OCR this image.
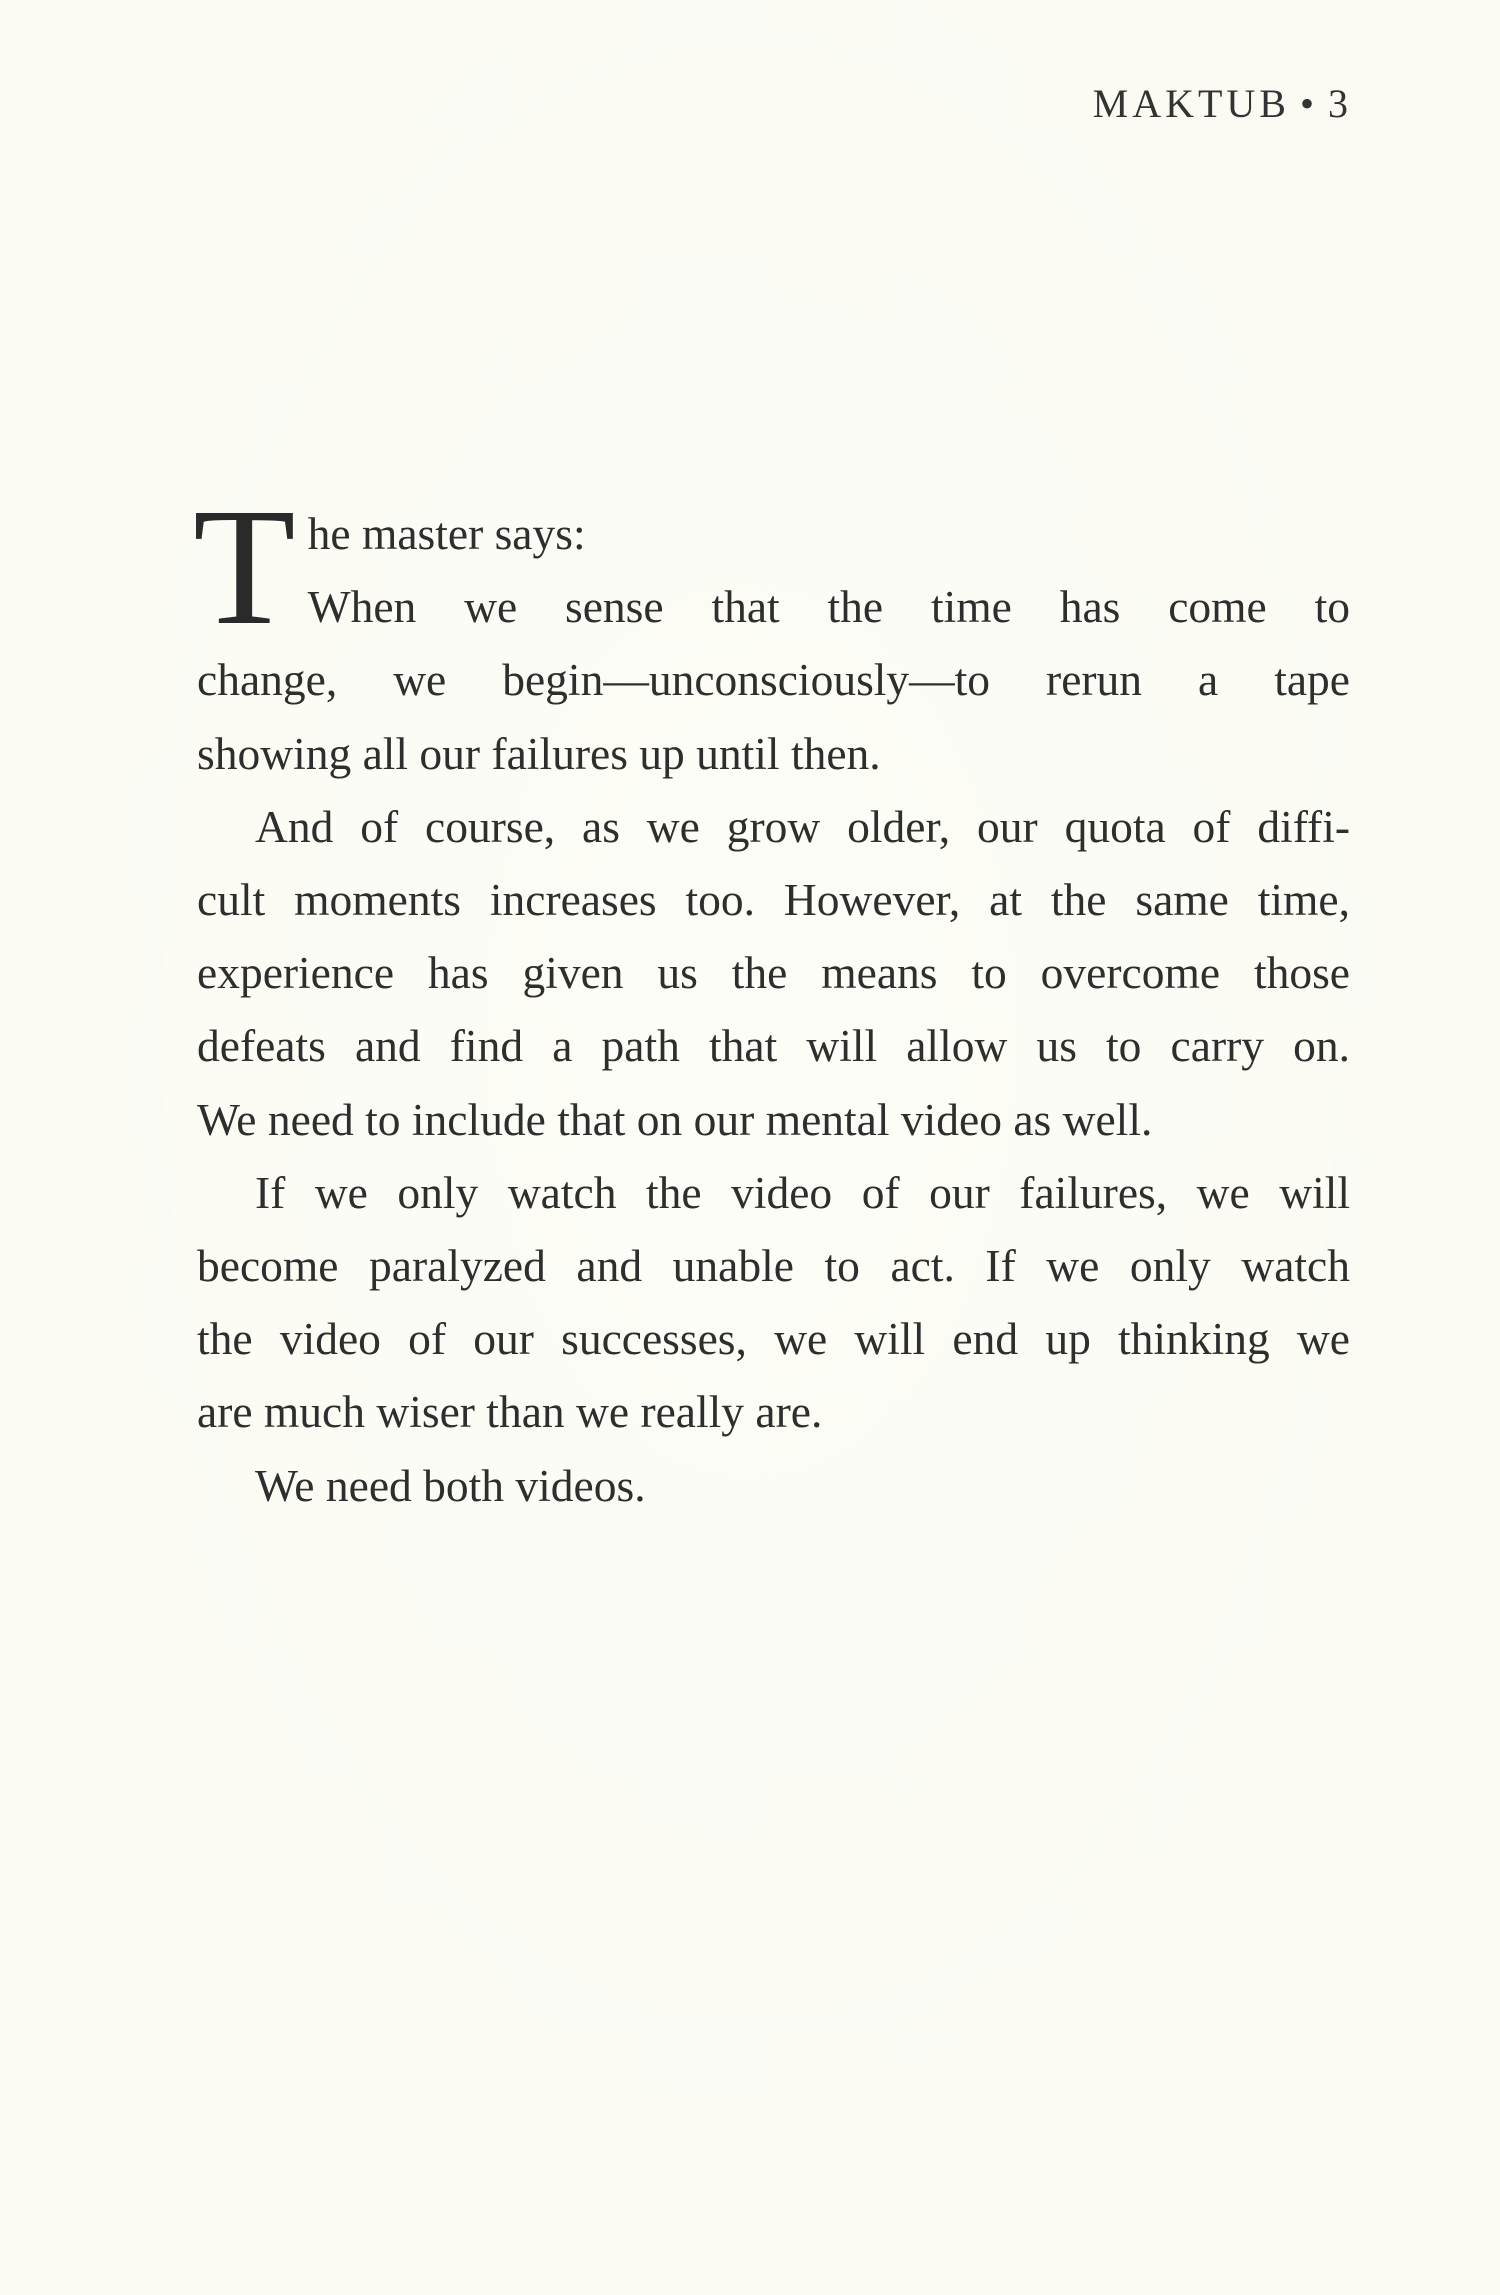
MAKTUB • 3
T he master says:
When we sense that the time has come to
change, we begin—unconsciously—to rerun a tape
showing all our failures up until then.
And of course, as we grow older, our quota of diffi-
cult moments increases too. However, at the same time,
experience has given us the means to overcome those
defeats and find a path that will allow us to carry on.
We need to include that on our mental video as well.
If we only watch the video of our failures, we will
become paralyzed and unable to act. If we only watch
the video of our successes, we will end up thinking we
are much wiser than we really are.
We need both videos.
